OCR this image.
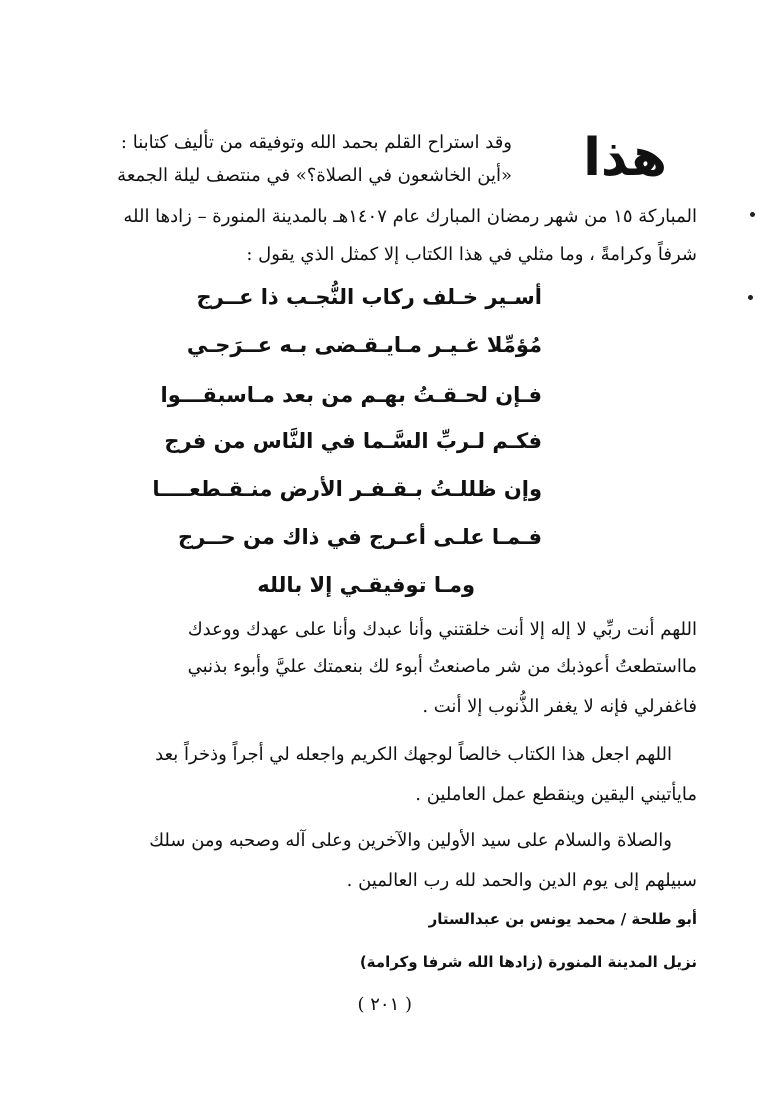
هذا
وقد استراح القلم بحمد الله وتوفيقه من تأليف كتابنا :
«أين الخاشعون في الصلاة؟» في منتصف ليلة الجمعة
المباركة ١٥ من شهر رمضان المبارك عام ١٤٠٧هـ بالمدينة المنورة – زادها الله
شرفاً وكرامةً ، وما مثلي في هذا الكتاب إلا كمثل الذي يقول :
أسـير خـلف ركاب النُّجـب ذا عــرج
مُؤمِّلا غـيـر مـايـقـضى بـه عــرَجـي
فـإن لحـقـتُ بهـم من بعد مـاسبقـــوا
فكـم لـربِّ السَّـما في النَّاس من فرج
وإن ظللـتُ بـقـفـر الأرض منـقـطعــــا
فـمـا علـى أعـرج في ذاك من حــرج
ومـا توفيقـي إلا بالله
اللهم أنت ربِّي لا إله إلا أنت خلقتني وأنا عبدك وأنا على عهدك ووعدك
مااستطعتُ أعوذبك من شر ماصنعتُ أبوء لك بنعمتك عليَّ وأبوء بذنبي
فاغفرلي فإنه لا يغفر الذُّنوب إلا أنت .
اللهم اجعل هذا الكتاب خالصاً لوجهك الكريم واجعله لي أجراً وذخراً بعد
مايأتيني اليقين وينقطع عمل العاملين .
والصلاة والسلام على سيد الأولين والآخرين وعلى آله وصحبه ومن سلك
سبيلهم إلى يوم الدين والحمد لله رب العالمين .
أبو طلحة / محمد يونس بن عبدالستار
نزيل المدينة المنورة (زادها الله شرفا وكرامة)
( ٢٠١ )
